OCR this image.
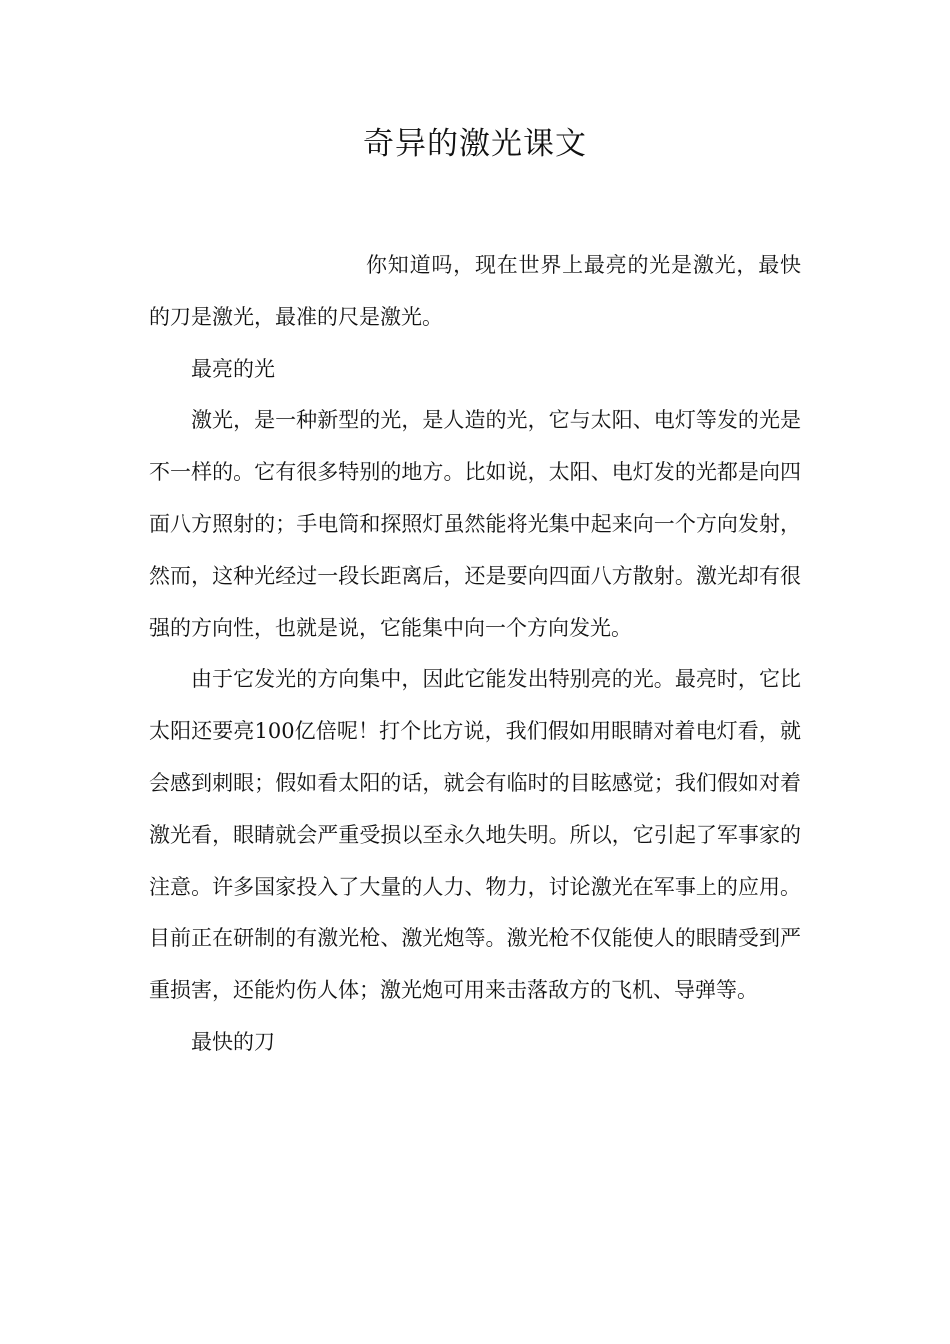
奇异的激光课文

你知道吗，现在世界上最亮的光是激光，最快的刀是激光，最准的尺是激光。

最亮的光

激光，是一种新型的光，是人造的光，它与太阳、电灯等发的光是不一样的。它有很多特别的地方。比如说，太阳、电灯发的光都是向四面八方照射的；手电筒和探照灯虽然能将光集中起来向一个方向发射，然而，这种光经过一段长距离后，还是要向四面八方散射。激光却有很强的方向性，也就是说，它能集中向一个方向发光。

由于它发光的方向集中，因此它能发出特别亮的光。最亮时，它比太阳还要亮100亿倍呢！打个比方说，我们假如用眼睛对着电灯看，就会感到刺眼；假如看太阳的话，就会有临时的目眩感觉；我们假如对着激光看，眼睛就会严重受损以至永久地失明。所以，它引起了军事家的注意。许多国家投入了大量的人力、物力，讨论激光在军事上的应用。目前正在研制的有激光枪、激光炮等。激光枪不仅能使人的眼睛受到严重损害，还能灼伤人体；激光炮可用来击落敌方的飞机、导弹等。

最快的刀
